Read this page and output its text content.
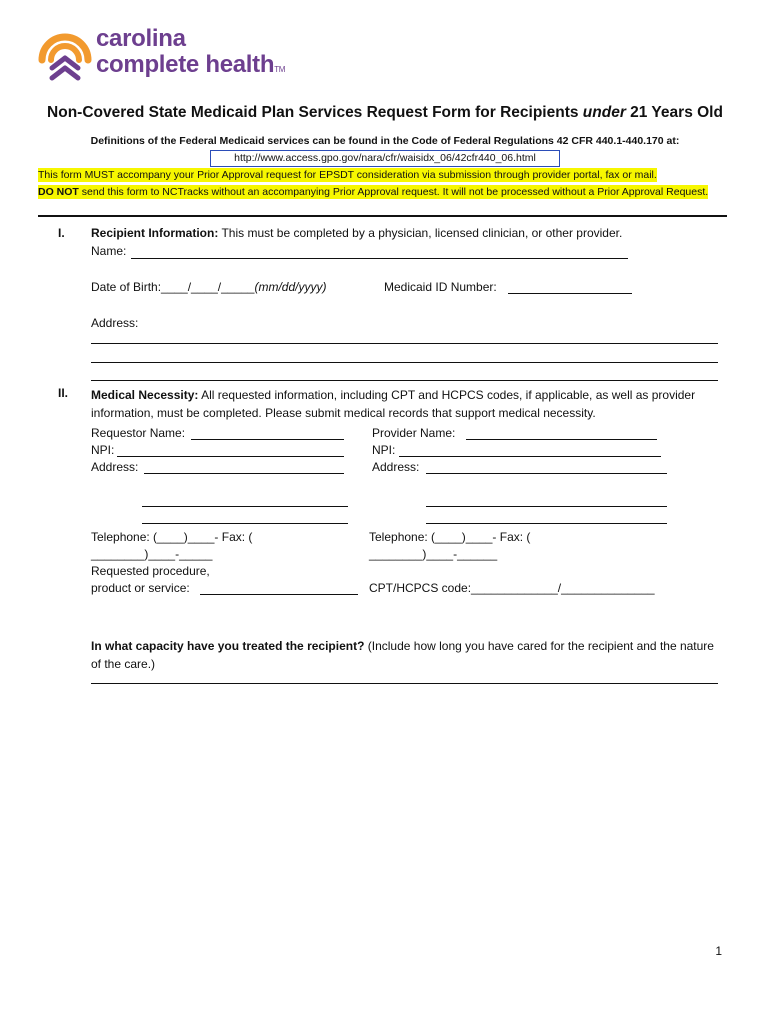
carolina
complete healthTM
Non-Covered State Medicaid Plan Services Request Form for Recipients under 21 Years Old
Definitions of the Federal Medicaid services can be found in the Code of Federal Regulations 42 CFR 440.1-440.170 at:
http://www.access.gpo.gov/nara/cfr/waisidx_06/42cfr440_06.html
This form MUST accompany your Prior Approval request for EPSDT consideration via submission through provider portal, fax or mail.
DO NOT send this form to NCTracks without an accompanying Prior Approval request. It will not be processed without a Prior Approval Request.
I. Recipient Information: This must be completed by a physician, licensed clinician, or other provider.
Name:
Date of Birth:____/____/_____(mm/dd/yyyy)	Medicaid ID Number:
Address:
II. Medical Necessity: All requested information, including CPT and HCPCS codes, if applicable, as well as provider information, must be completed. Please submit medical records that support medical necessity.
Requestor Name:
NPI:
Address:
Provider Name:
NPI:
Address:
Telephone: (____)____- Fax: (
________)____-_____
Telephone: (____)____- Fax: (
________)____-______
Requested procedure,
product or service:	CPT/HCPCS code:_____________/______________
In what capacity have you treated the recipient? (Include how long you have cared for the recipient and the nature of the care.)
1
